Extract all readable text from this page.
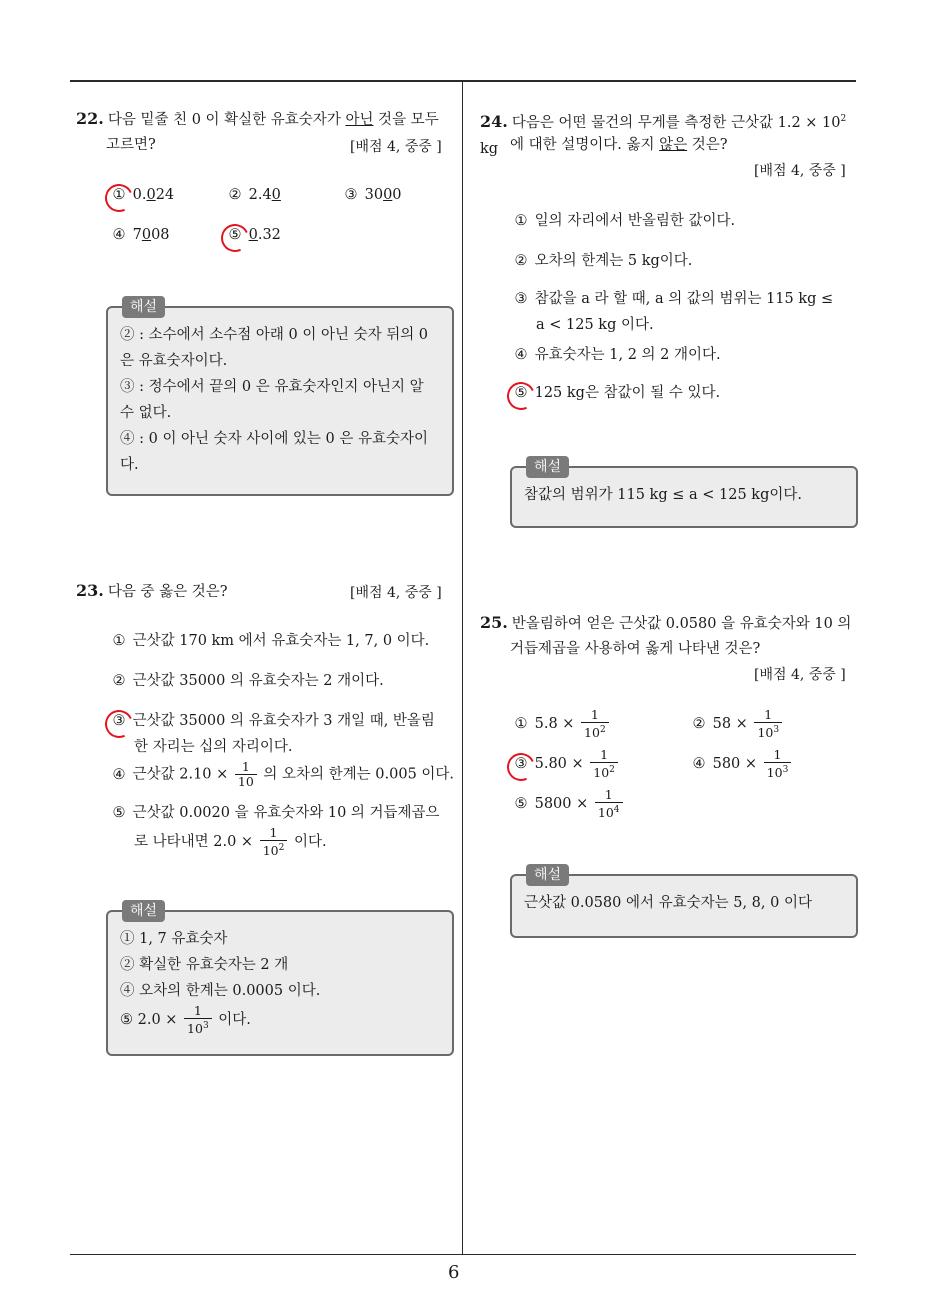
6
22. 다음 밑줄 친 0 이 확실한 유효숫자가 아닌 것을 모두
고르면?	[배점 4, 중중 ]
① 0.024	② 2.40	③ 3000
④ 7008	⑤ 0.32
해설
② : 소수에서 소수점 아래 0 이 아닌 숫자 뒤의 0
은 유효숫자이다.
③ : 정수에서 끝의 0 은 유효숫자인지 아닌지 알
수 없다.
④ : 0 이 아닌 숫자 사이에 있는 0 은 유효숫자이
다.
23. 다음 중 옳은 것은?	[배점 4, 중중 ]
① 근삿값 170 km 에서 유효숫자는 1, 7, 0 이다.
② 근삿값 35000 의 유효숫자는 2 개이다.
③ 근삿값 35000 의 유효숫자가 3 개일 때, 반올림
한 자리는 십의 자리이다.
④ 근삿값 $2.10 \times \frac{1}{10}$ 의 오차의 한계는 0.005 이다.
⑤ 근삿값 0.0020 을 유효숫자와 10 의 거듭제곱으
로 나타내면 $2.0 \times \frac{1}{10^2}$ 이다.
해설
① 1, 7 유효숫자
② 확실한 유효숫자는 2 개
④ 오차의 한계는 0.0005 이다.
⑤ $2.0 \times \frac{1}{10^3}$ 이다.
24. 다음은 어떤 물건의 무게를 측정한 근삿값 $1.2 \times 10^2$ kg 에 대한 설명이다. 옳지 않은 것은?
[배점 4, 중중 ]
① 일의 자리에서 반올림한 값이다.
② 오차의 한계는 5 kg이다.
③ 참값을 a 라 할 때, a 의 값의 범위는 115 kg ≤
a < 125 kg 이다.
④ 유효숫자는 1, 2 의 2 개이다.
⑤ 125 kg은 참값이 될 수 있다.
해설
참값의 범위가 115 kg ≤ a < 125 kg이다.
25. 반올림하여 얻은 근삿값 0.0580 을 유효숫자와 10 의
거듭제곱을 사용하여 옳게 나타낸 것은?
[배점 4, 중중 ]
① $5.8 \times \frac{1}{10^2}$	② $58 \times \frac{1}{10^3}$
③ $5.80 \times \frac{1}{10^2}$	④ $580 \times \frac{1}{10^3}$
⑤ $5800 \times \frac{1}{10^4}$
해설
근삿값 0.0580 에서 유효숫자는 5, 8, 0 이다
